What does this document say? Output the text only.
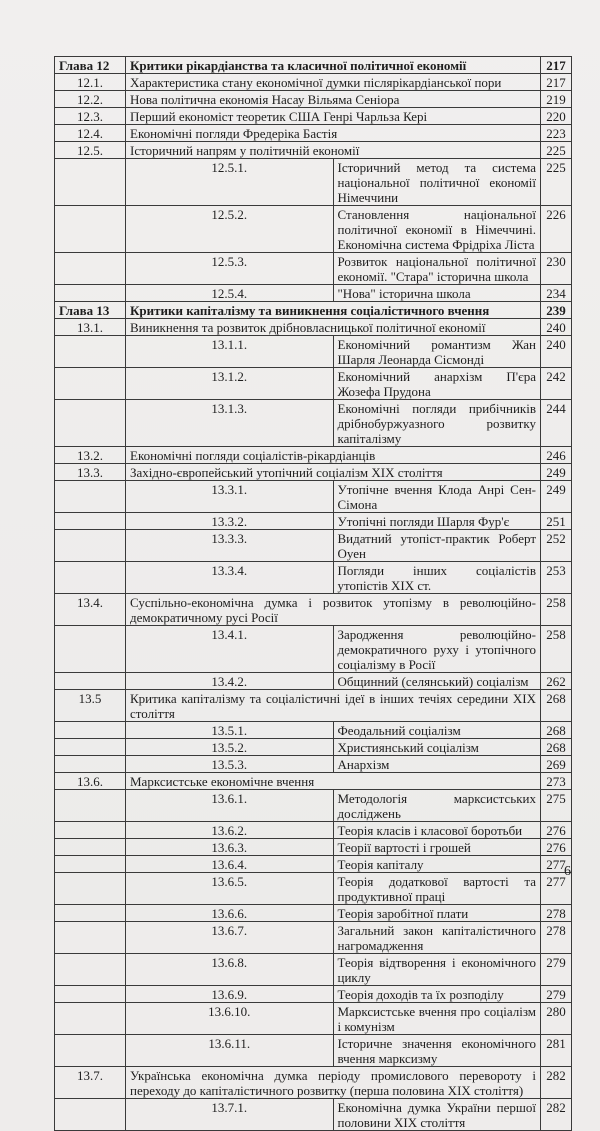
Глава 12	Критики рікардіанства та класичної політичної економії		217
12.1.	Характеристика стану економічної думки післярікардіанської пори		217
12.2.	Нова політична економія Насау Вільяма Сеніора		219
12.3.	Перший економіст теоретик США Генрі Чарльза Кері		220
12.4.	Економічні погляди Фредеріка Бастія		223
12.5.	Історичний напрям у політичній економії		225
	12.5.1.	Історичний метод та система національної політичної економії Німеччини	225
	12.5.2.	Становлення національної політичної економії в Німеччині. Економічна система Фрідріха Ліста	226
	12.5.3.	Розвиток національної політичної економії. "Стара" історична школа	230
	12.5.4.	"Нова" історична школа	234
Глава 13	Критики капіталізму та виникнення соціалістичного вчення		239
13.1.	Виникнення та розвиток дрібновласницької політичної економії		240
	13.1.1.	Економічний романтизм Жан Шарля Леонарда Сісмонді	240
	13.1.2.	Економічний анархізм П'єра Жозефа Прудона	242
	13.1.3.	Економічні погляди прибічників дрібнобуржуазного розвитку капіталізму	244
13.2.	Економічні погляди соціалістів-рікардіанців		246
13.3.	Західно-європейський утопічний соціалізм XIX століття		249
	13.3.1.	Утопічне вчення Клода Анрі Сен-Сімона	249
	13.3.2.	Утопічні погляди Шарля Фур'є	251
	13.3.3.	Видатний утопіст-практик Роберт Оуен	252
	13.3.4.	Погляди інших соціалістів утопістів XIX ст.	253
13.4.	Суспільно-економічна думка і розвиток утопізму в революційно-демократичному русі Росії		258
	13.4.1.	Зародження революційно-демократичного руху і утопічного соціалізму в Росії	258
	13.4.2.	Общинний (селянський) соціалізм	262
13.5	Критика капіталізму та соціалістичні ідеї в інших течіях середини XIX століття		268
	13.5.1.	Феодальний соціалізм	268
	13.5.2.	Християнський соціалізм	268
	13.5.3.	Анархізм	269
13.6.	Марксистське економічне вчення		273
	13.6.1.	Методологія марксистських досліджень	275
	13.6.2.	Теорія класів і класової боротьби	276
	13.6.3.	Теорії вартості і грошей	276
	13.6.4.	Теорія капіталу	277
	13.6.5.	Теорія додаткової вартості та продуктивної праці	277
	13.6.6.	Теорія заробітної плати	278
	13.6.7.	Загальний закон капіталістичного нагромадження	278
	13.6.8.	Теорія відтворення і економічного циклу	279
	13.6.9.	Теорія доходів та їх розподілу	279
	13.6.10.	Марксистське вчення про соціалізм і комунізм	280
	13.6.11.	Історичне значення економічного вчення марксизму	281
13.7.	Українська економічна думка періоду промислового перевороту і переходу до капіталістичного розвитку (перша половина XIX століття)		282
	13.7.1.	Економічна думка України першої половини XIX століття	282
6
